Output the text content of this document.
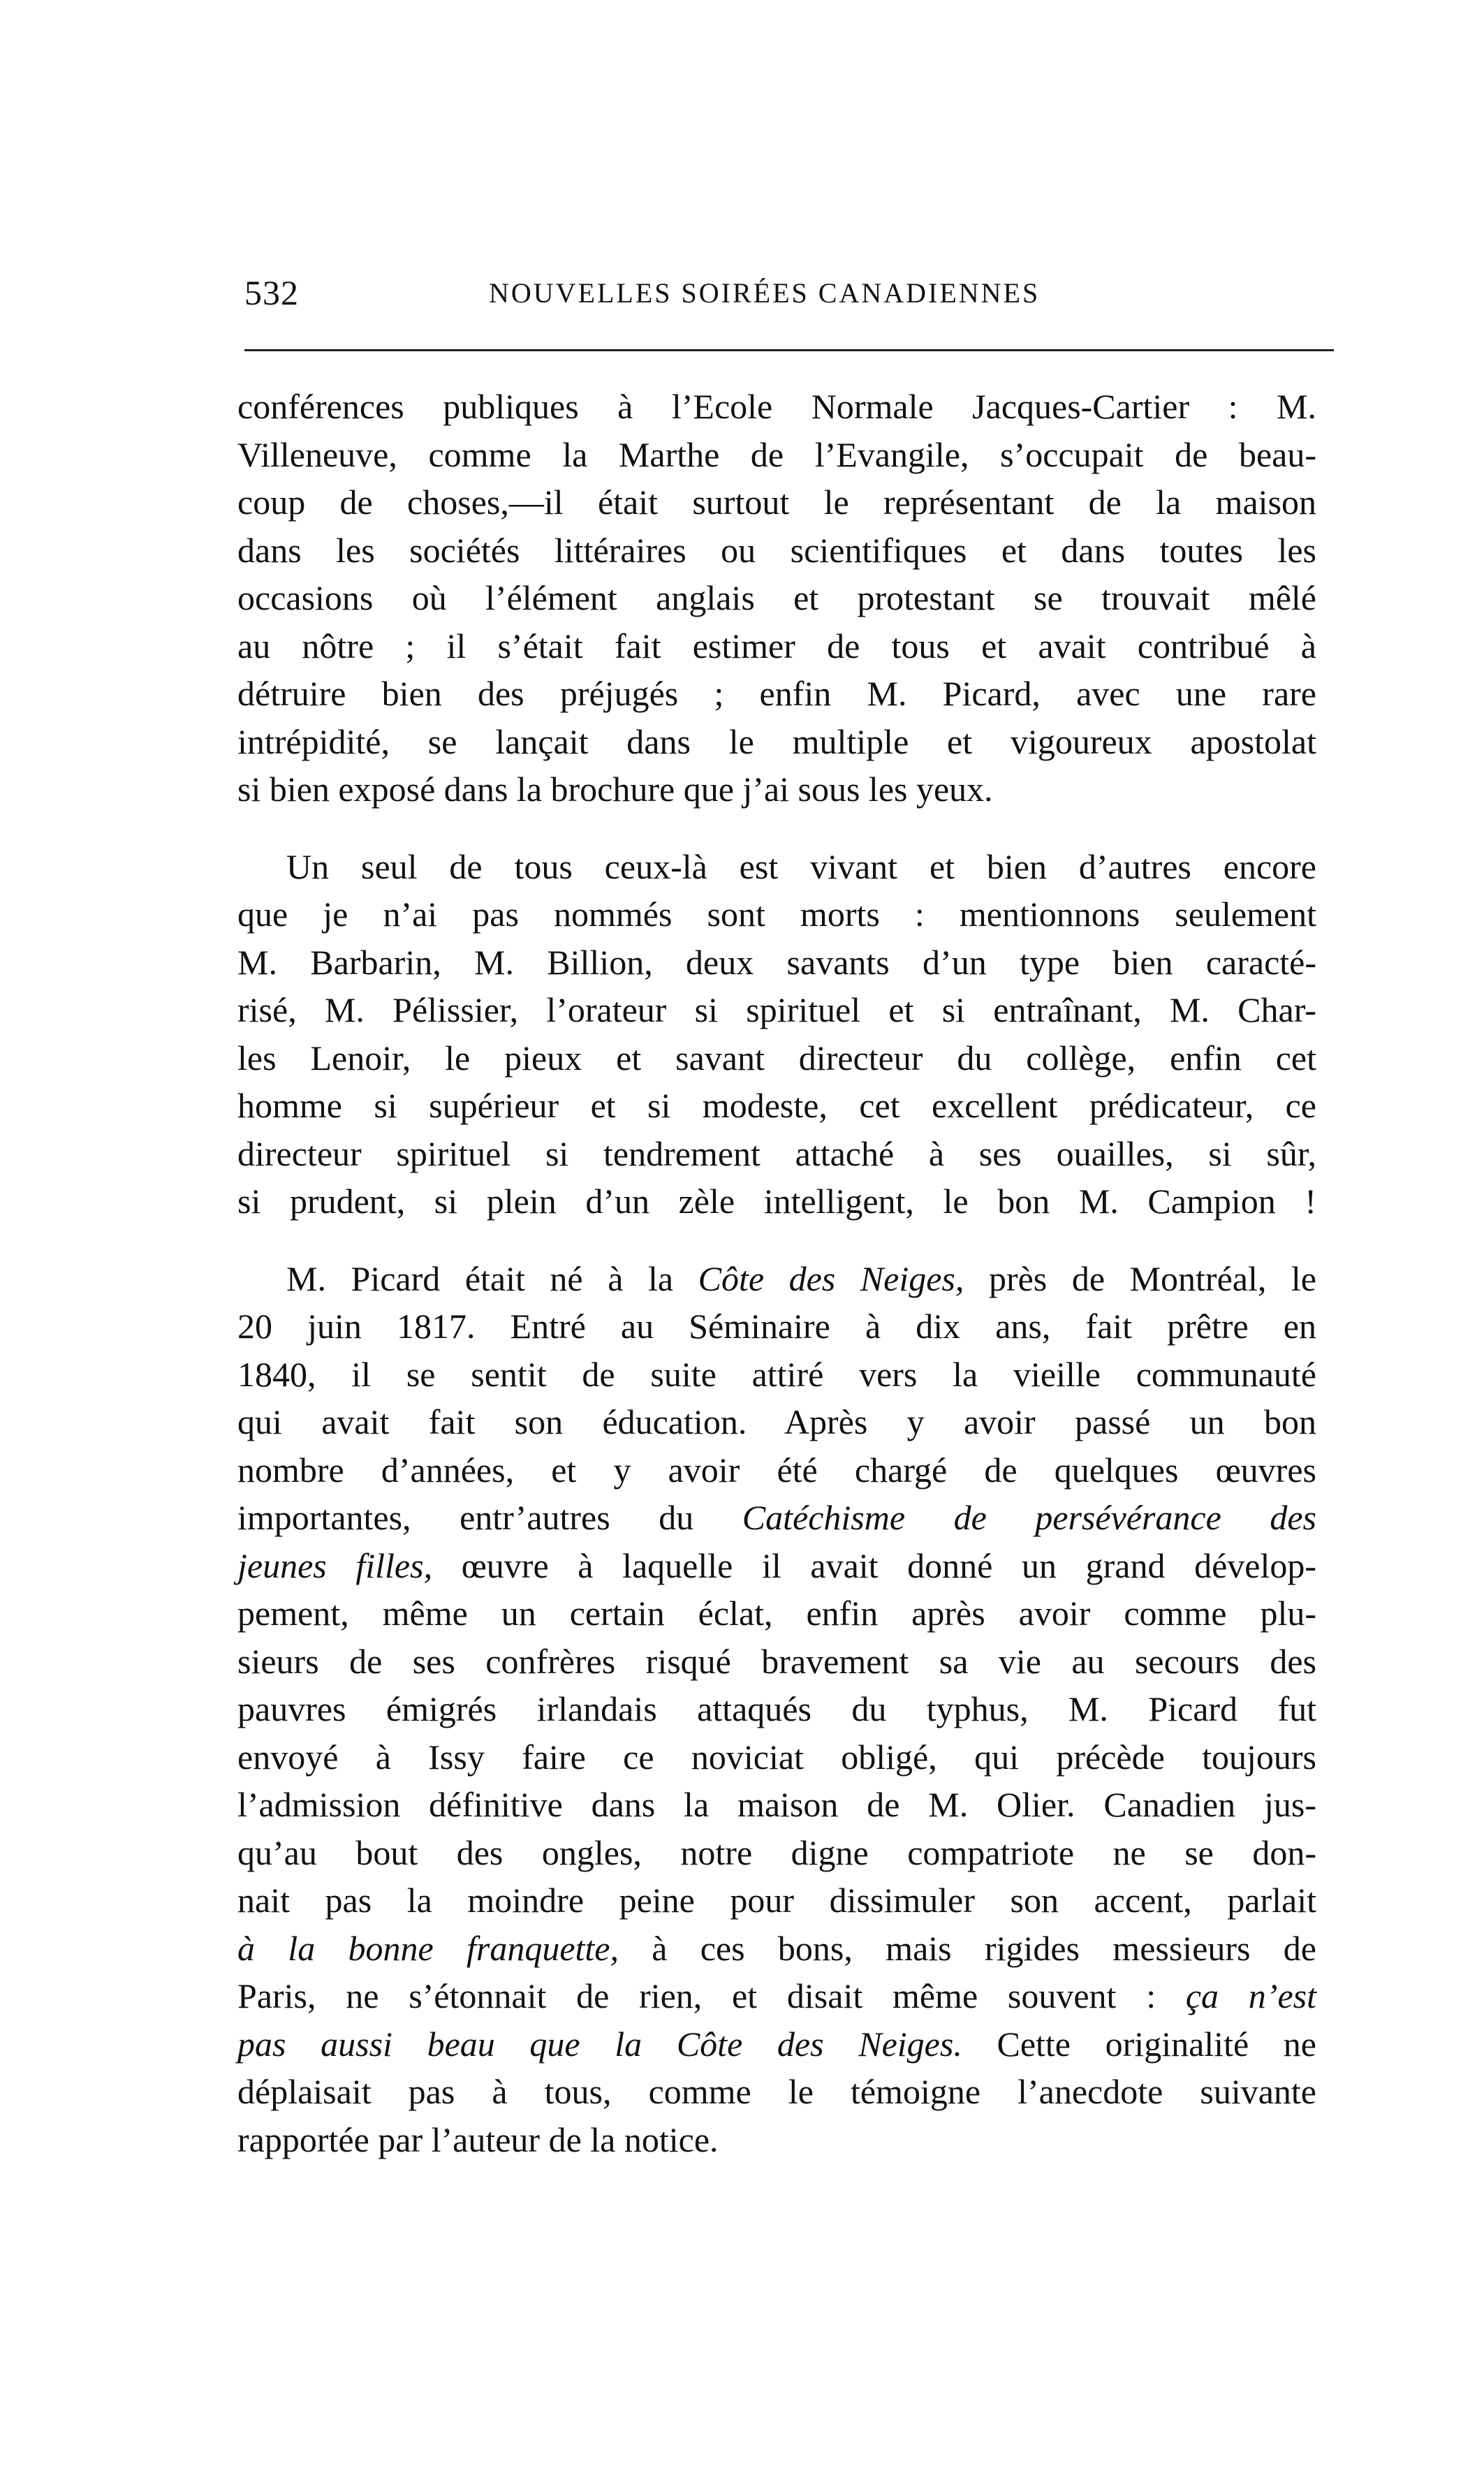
532	NOUVELLES SOIRÉES CANADIENNES

conférences publiques à l’Ecole Normale Jacques-Cartier : M.
Villeneuve, comme la Marthe de l’Evangile, s’occupait de beau-
coup de choses,—il était surtout le représentant de la maison
dans les sociétés littéraires ou scientifiques et dans toutes les
occasions où l’élément anglais et protestant se trouvait mêlé
au nôtre ; il s’était fait estimer de tous et avait contribué à
détruire bien des préjugés ; enfin M. Picard, avec une rare
intrépidité, se lançait dans le multiple et vigoureux apostolat
si bien exposé dans la brochure que j’ai sous les yeux.

Un seul de tous ceux-là est vivant et bien d’autres encore
que je n’ai pas nommés sont morts : mentionnons seulement
M. Barbarin, M. Billion, deux savants d’un type bien caracté-
risé, M. Pélissier, l’orateur si spirituel et si entraînant, M. Char-
les Lenoir, le pieux et savant directeur du collège, enfin cet
homme si supérieur et si modeste, cet excellent prédicateur, ce
directeur spirituel si tendrement attaché à ses ouailles, si sûr,
si prudent, si plein d’un zèle intelligent, le bon M. Campion !

M. Picard était né à la Côte des Neiges, près de Montréal, le
20 juin 1817. Entré au Séminaire à dix ans, fait prêtre en
1840, il se sentit de suite attiré vers la vieille communauté
qui avait fait son éducation. Après y avoir passé un bon
nombre d’années, et y avoir été chargé de quelques œuvres
importantes, entr’autres du Catéchisme de persévérance des
jeunes filles, œuvre à laquelle il avait donné un grand dévelop-
pement, même un certain éclat, enfin après avoir comme plu-
sieurs de ses confrères risqué bravement sa vie au secours des
pauvres émigrés irlandais attaqués du typhus, M. Picard fut
envoyé à Issy faire ce noviciat obligé, qui précède toujours
l’admission définitive dans la maison de M. Olier. Canadien jus-
qu’au bout des ongles, notre digne compatriote ne se don-
nait pas la moindre peine pour dissimuler son accent, parlait
à la bonne franquette, à ces bons, mais rigides messieurs de
Paris, ne s’étonnait de rien, et disait même souvent : ça n’est
pas aussi beau que la Côte des Neiges. Cette originalité ne
déplaisait pas à tous, comme le témoigne l’anecdote suivante
rapportée par l’auteur de la notice.
